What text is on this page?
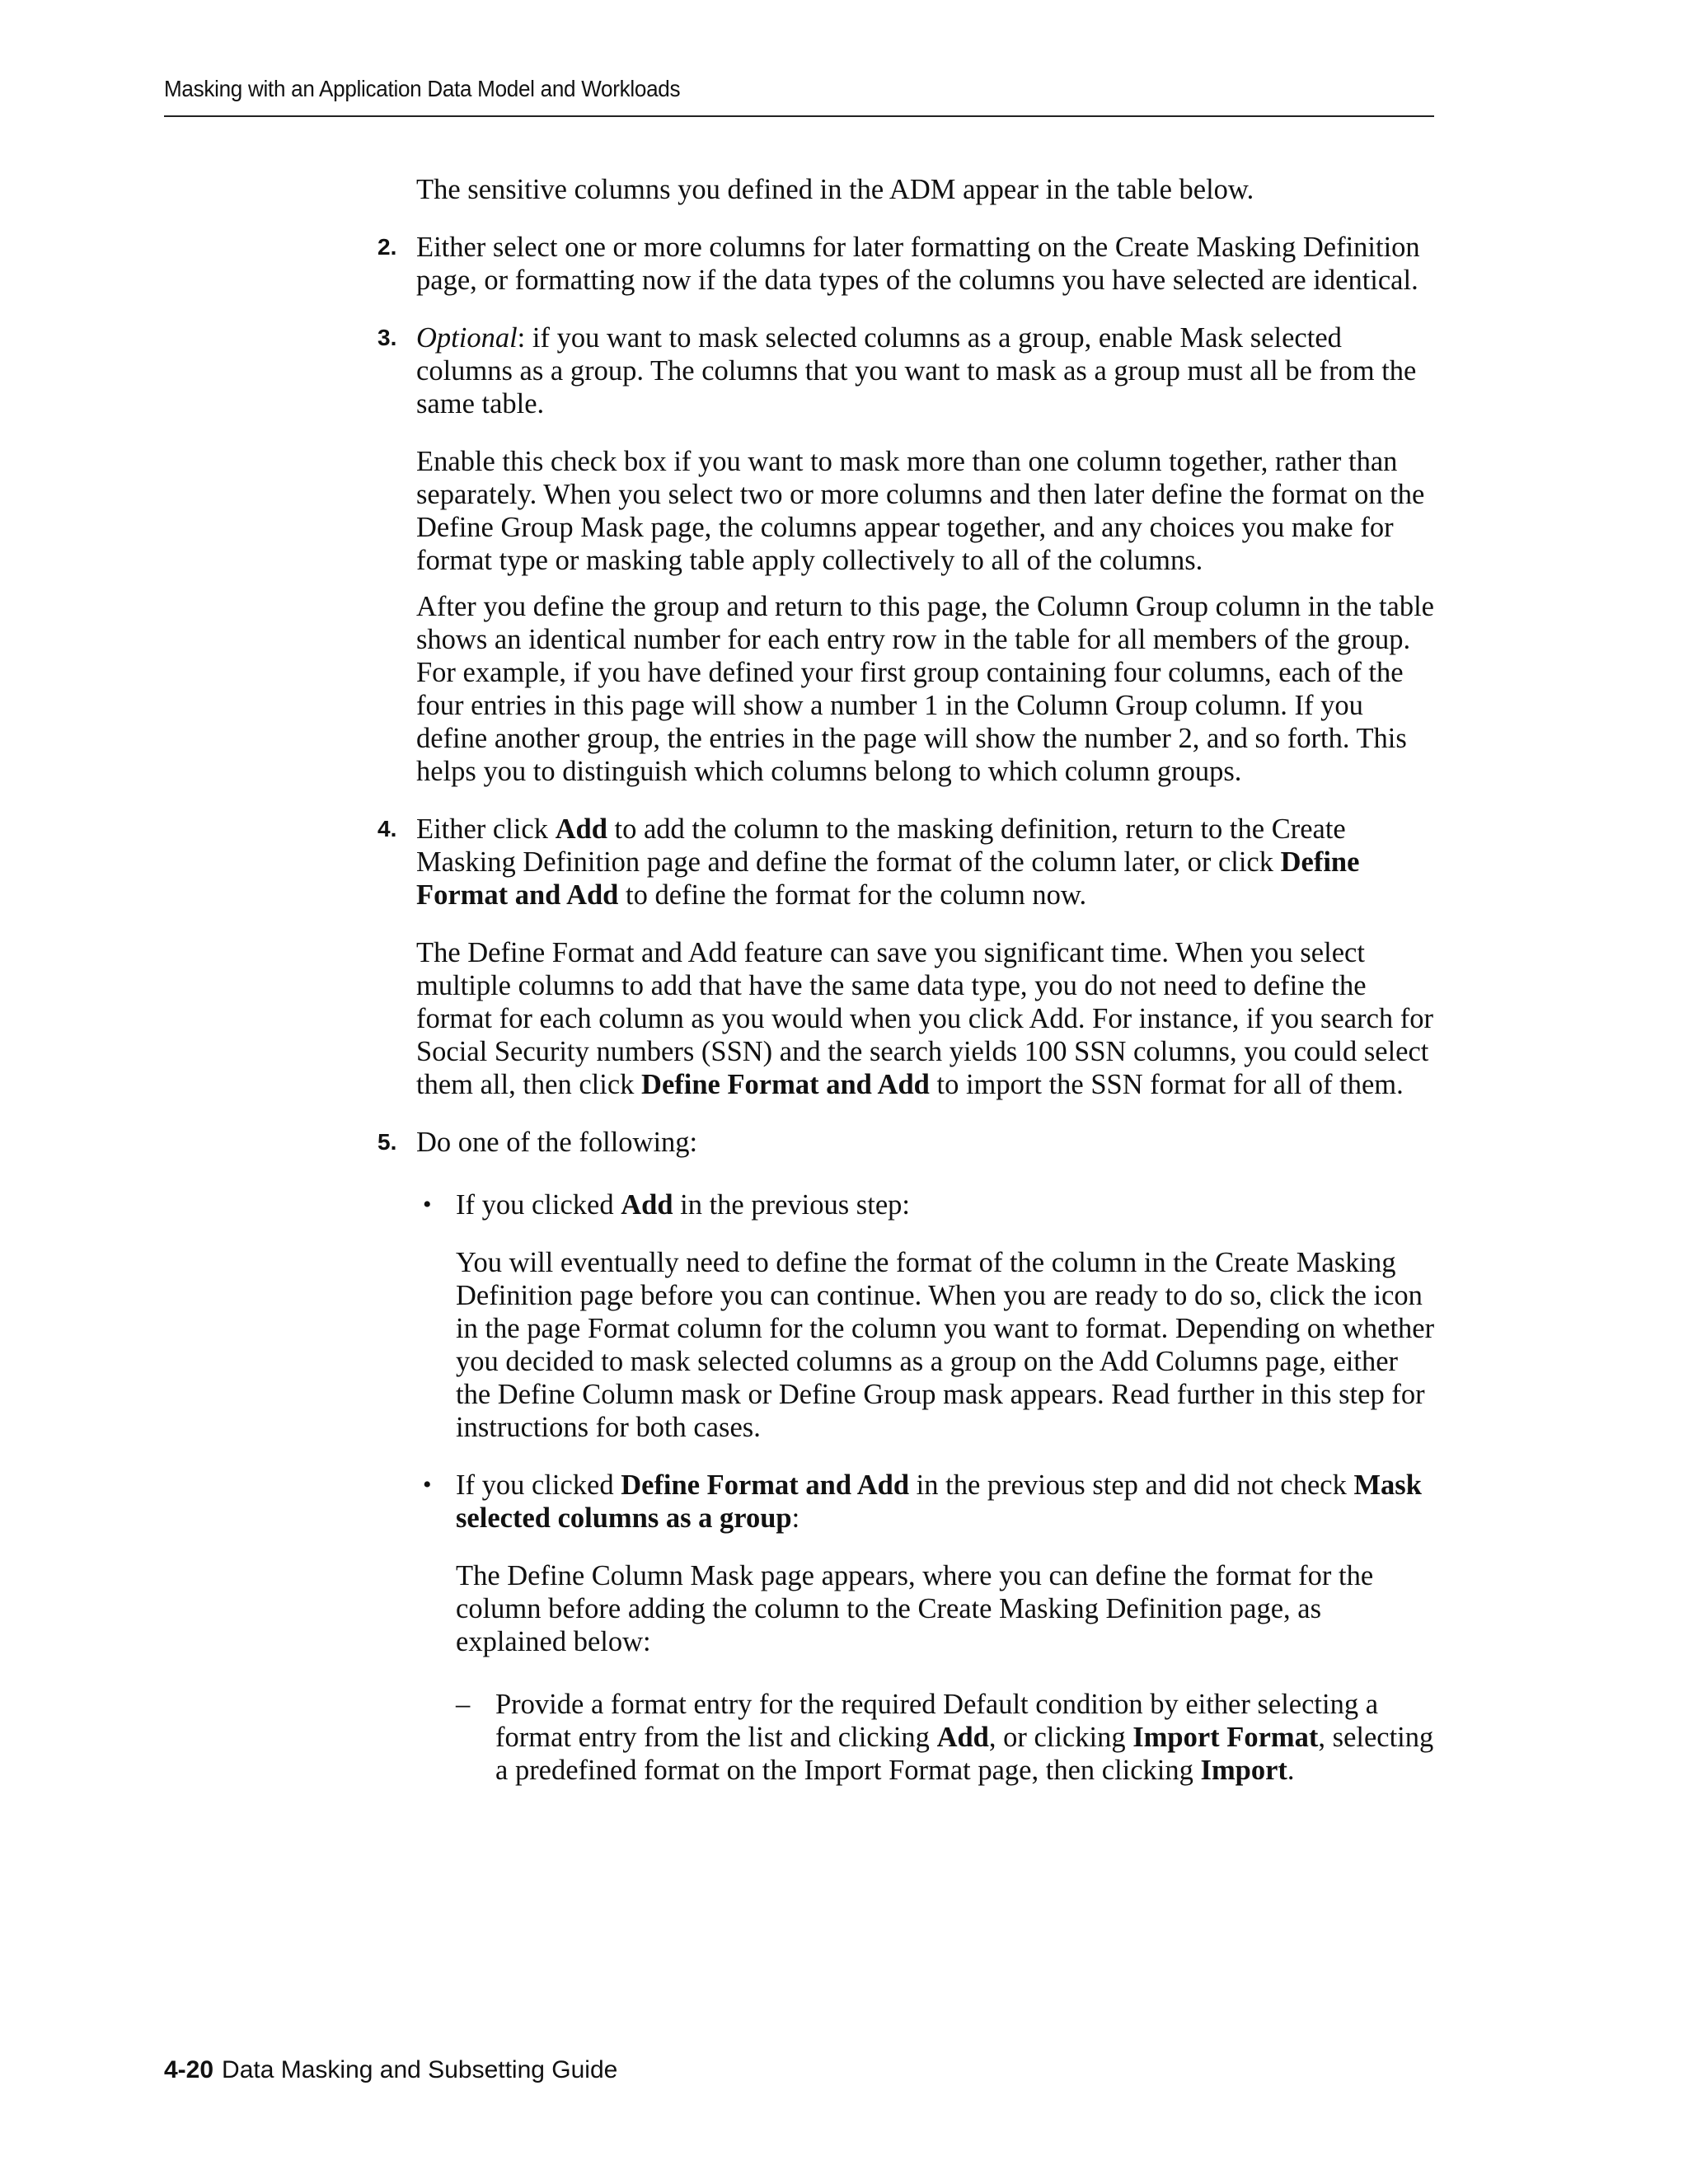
Masking with an Application Data Model and Workloads

The sensitive columns you defined in the ADM appear in the table below.

2. Either select one or more columns for later formatting on the Create Masking Definition page, or formatting now if the data types of the columns you have selected are identical.

3. Optional: if you want to mask selected columns as a group, enable Mask selected columns as a group. The columns that you want to mask as a group must all be from the same table.

Enable this check box if you want to mask more than one column together, rather than separately. When you select two or more columns and then later define the format on the Define Group Mask page, the columns appear together, and any choices you make for format type or masking table apply collectively to all of the columns.

After you define the group and return to this page, the Column Group column in the table shows an identical number for each entry row in the table for all members of the group. For example, if you have defined your first group containing four columns, each of the four entries in this page will show a number 1 in the Column Group column. If you define another group, the entries in the page will show the number 2, and so forth. This helps you to distinguish which columns belong to which column groups.

4. Either click Add to add the column to the masking definition, return to the Create Masking Definition page and define the format of the column later, or click Define Format and Add to define the format for the column now.

The Define Format and Add feature can save you significant time. When you select multiple columns to add that have the same data type, you do not need to define the format for each column as you would when you click Add. For instance, if you search for Social Security numbers (SSN) and the search yields 100 SSN columns, you could select them all, then click Define Format and Add to import the SSN format for all of them.

5. Do one of the following:

• If you clicked Add in the previous step:

You will eventually need to define the format of the column in the Create Masking Definition page before you can continue. When you are ready to do so, click the icon in the page Format column for the column you want to format. Depending on whether you decided to mask selected columns as a group on the Add Columns page, either the Define Column mask or Define Group mask appears. Read further in this step for instructions for both cases.

• If you clicked Define Format and Add in the previous step and did not check Mask selected columns as a group:

The Define Column Mask page appears, where you can define the format for the column before adding the column to the Create Masking Definition page, as explained below:

– Provide a format entry for the required Default condition by either selecting a format entry from the list and clicking Add, or clicking Import Format, selecting a predefined format on the Import Format page, then clicking Import.

4-20 Data Masking and Subsetting Guide
